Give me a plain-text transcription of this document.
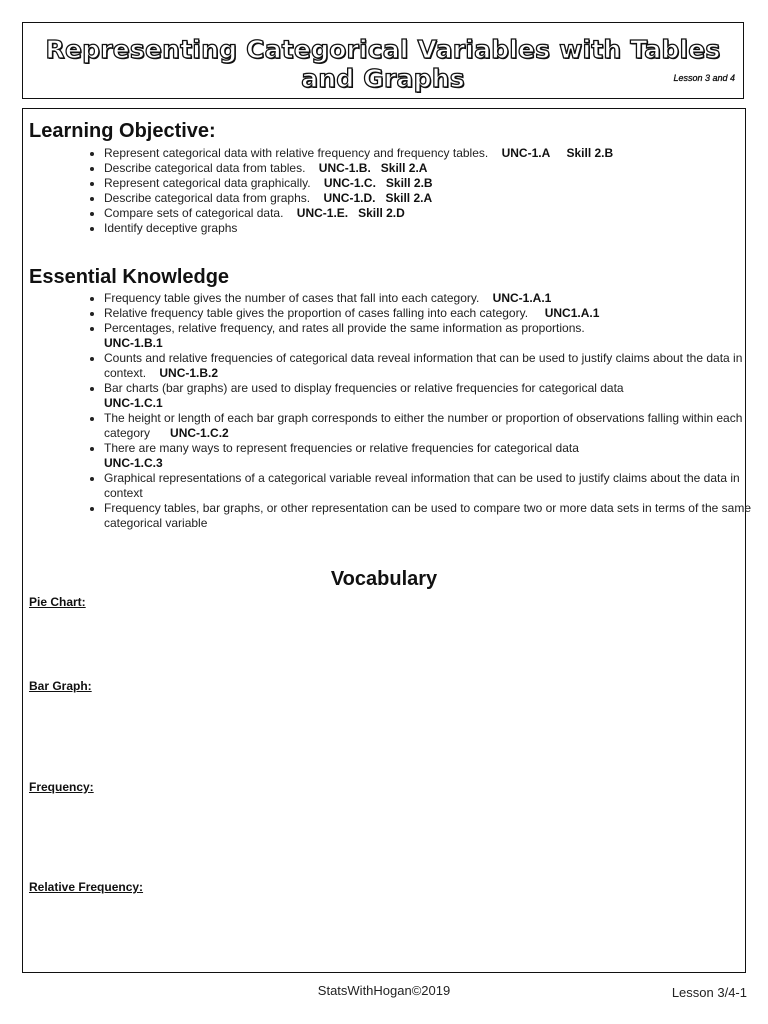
Representing Categorical Variables with Tables and Graphs	Lesson 3 and 4
Learning Objective:
• Represent categorical data with relative frequency and frequency tables. UNC-1.A     Skill 2.B
• Describe categorical data from tables. UNC-1.B.   Skill 2.A
• Represent categorical data graphically. UNC-1.C.   Skill 2.B
• Describe categorical data from graphs. UNC-1.D.   Skill 2.A
• Compare sets of categorical data. UNC-1.E.   Skill 2.D
• Identify deceptive graphs
Essential Knowledge
• Frequency table gives the number of cases that fall into each category. UNC-1.A.1
• Relative frequency table gives the proportion of cases falling into each category. UNC1.A.1
• Percentages, relative frequency, and rates all provide the same information as proportions.
UNC-1.B.1
• Counts and relative frequencies of categorical data reveal information that can be used to justify claims about the data in context. UNC-1.B.2
• Bar charts (bar graphs) are used to display frequencies or relative frequencies for categorical data
UNC-1.C.1
• The height or length of each bar graph corresponds to either the number or proportion of observations falling within each category UNC-1.C.2
• There are many ways to represent frequencies or relative frequencies for categorical data
UNC-1.C.3
• Graphical representations of a categorical variable reveal information that can be used to justify claims about the data in context
• Frequency tables, bar graphs, or other representation can be used to compare two or more data sets in terms of the same categorical variable
Vocabulary
Pie Chart:
Bar Graph:
Frequency:
Relative Frequency:
StatsWithHogan©2019	Lesson 3/4-1
